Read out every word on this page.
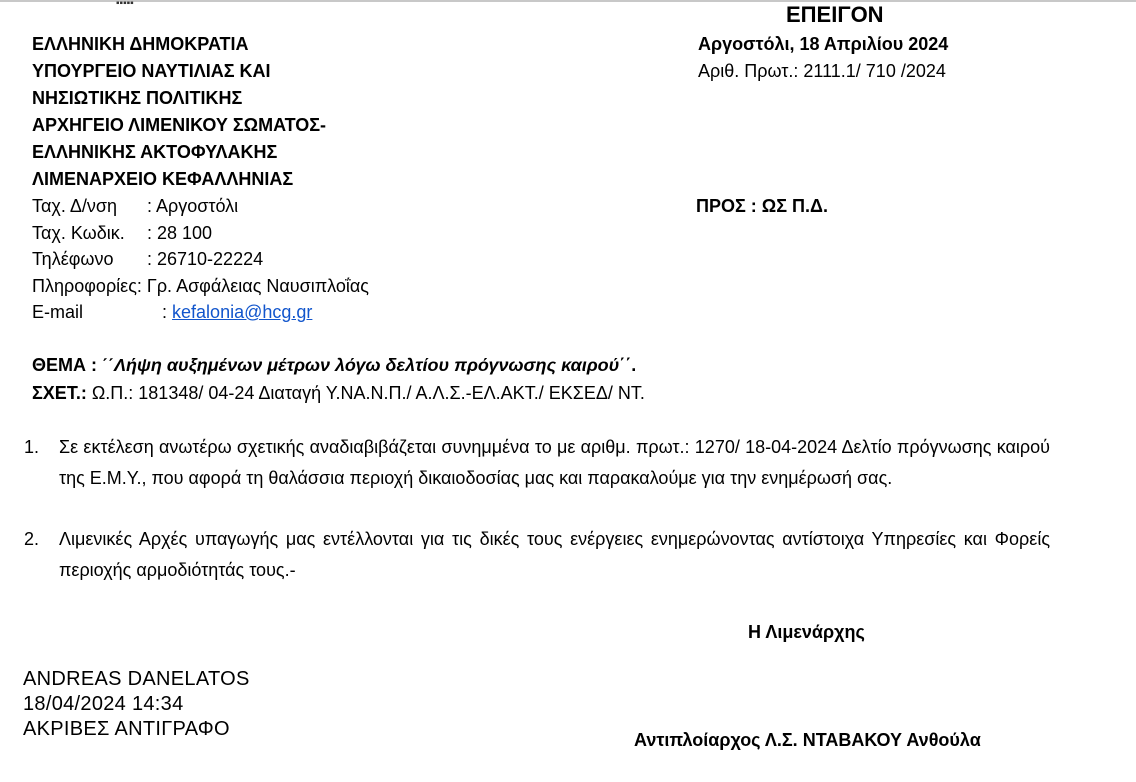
▪▪▪▪▪	ΕΠΕΙΓΟΝ
ΕΛΛΗΝΙΚΗ ΔΗΜΟΚΡΑΤΙΑ
ΥΠΟΥΡΓΕΙΟ ΝΑΥΤΙΛΙΑΣ ΚΑΙ
ΝΗΣΙΩΤΙΚΗΣ ΠΟΛΙΤΙΚΗΣ
ΑΡΧΗΓΕΙΟ ΛΙΜΕΝΙΚΟΥ ΣΩΜΑΤΟΣ-
ΕΛΛΗΝΙΚΗΣ ΑΚΤΟΦΥΛΑΚΗΣ
ΛΙΜΕΝΑΡΧΕΙΟ ΚΕΦΑΛΛΗΝΙΑΣ
Αργοστόλι, 18 Απριλίου 2024
Αριθ. Πρωτ.: 2111.1/ 710 /2024
ΠΡΟΣ : ΩΣ Π.Δ.
Ταχ. Δ/νση : Αργοστόλι
Ταχ. Κωδικ. : 28 100
Τηλέφωνο : 26710-22224
Πληροφορίες: Γρ. Ασφάλειας Ναυσιπλοΐας
E-mail	: kefalonia@hcg.gr
ΘΕΜΑ : ΄΄Λήψη αυξημένων μέτρων λόγω δελτίου πρόγνωσης καιρού΄΄.
ΣΧΕΤ.: Ω.Π.: 181348/ 04-24 Διαταγή Υ.ΝΑ.Ν.Π./ Α.Λ.Σ.-ΕΛ.ΑΚΤ./ ΕΚΣΕΔ/ ΝΤ.
1. Σε εκτέλεση ανωτέρω σχετικής αναδιαβιβάζεται συνημμένα το με αριθμ. πρωτ.: 1270/ 18-04-2024 Δελτίο πρόγνωσης καιρού της Ε.Μ.Υ., που αφορά τη θαλάσσια περιοχή δικαιοδοσίας μας και παρακαλούμε για την ενημέρωσή σας.
2. Λιμενικές Αρχές υπαγωγής μας εντέλλονται για τις δικές τους ενέργειες ενημερώνοντας αντίστοιχα Υπηρεσίες και Φορείς περιοχής αρμοδιότητάς τους.-
Η Λιμενάρχης
ANDREAS DANELATOS
18/04/2024 14:34
ΑΚΡΙΒΕΣ ΑΝΤΙΓΡΑΦΟ	Αντιπλοίαρχος Λ.Σ. ΝΤΑΒΑΚΟΥ Ανθούλα
